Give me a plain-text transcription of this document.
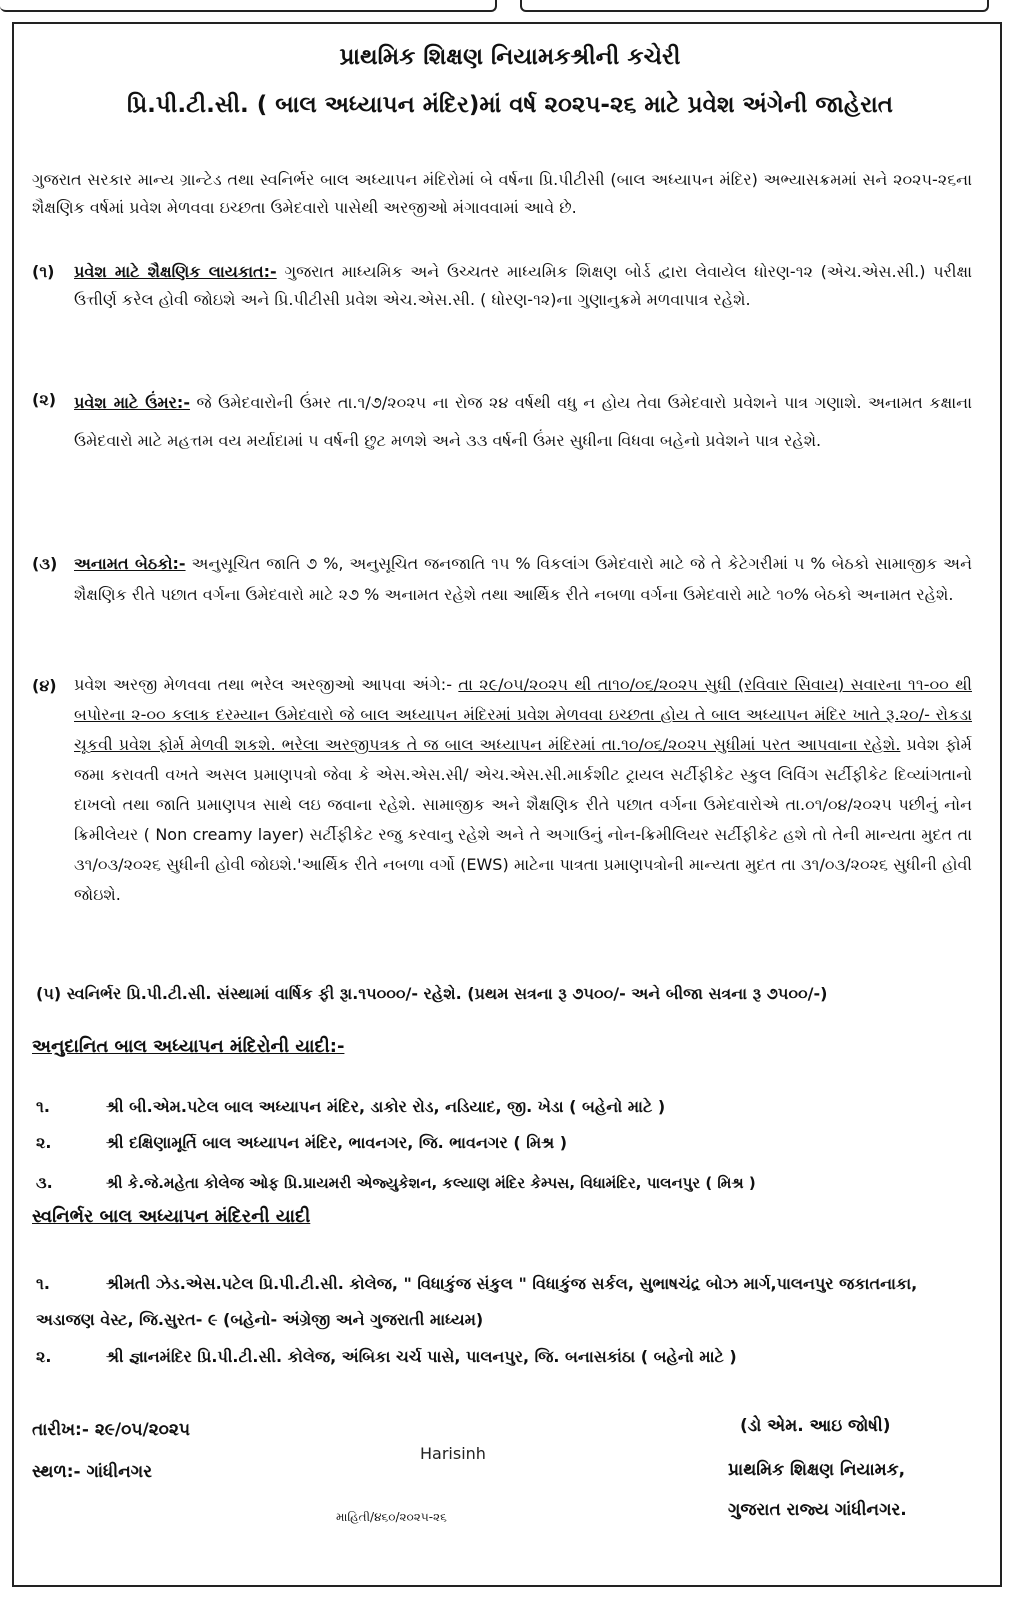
પ્રાથમિક શિક્ષણ નિયામકશ્રીની કચેરી
પ્રિ.પી.ટી.સી. ( બાલ અધ્યાપન મંદિર)માં વર્ષ ૨૦૨૫-૨૬ માટે પ્રવેશ અંગેની જાહેરાત
ગુજરાત સરકાર માન્ય ગ્રાન્ટેડ તથા સ્વનિર્ભર બાલ અધ્યાપન મંદિરોમાં બે વર્ષના પ્રિ.પીટીસી (બાલ અધ્યાપન મંદિર) અભ્યાસક્રમમાં સને ૨૦૨૫-૨૬ના શૈક્ષણિક વર્ષમાં પ્રવેશ મેળવવા ઇચ્છતા ઉમેદવારો પાસેથી અરજીઓ મંગાવવામાં આવે છે.
(૧) પ્રવેશ માટે શૈક્ષણિક લાયકાત:- ગુજરાત માધ્યમિક અને ઉચ્ચતર માધ્યમિક શિક્ષણ બોર્ડ દ્વારા લેવાયેલ ધોરણ-૧૨ (એચ.એસ.સી.) પરીક્ષા ઉત્તીર્ણ કરેલ હોવી જોઇશે અને પ્રિ.પીટીસી પ્રવેશ એચ.એસ.સી. ( ધોરણ-૧૨)ના ગુણાનુક્રમે મળવાપાત્ર રહેશે.
(૨) પ્રવેશ માટે ઉંમર:- જે ઉમેદવારોની ઉંમર તા.૧/૭/૨૦૨૫ ના રોજ ૨૪ વર્ષથી વધુ ન હોય તેવા ઉમેદવારો પ્રવેશને પાત્ર ગણાશે. અનામત કક્ષાના ઉમેદવારો માટે મહત્તમ વય મર્યાદામાં ૫ વર્ષની છુટ મળશે અને ૩૩ વર્ષની ઉંમર સુધીના વિધવા બહેનો પ્રવેશને પાત્ર રહેશે.
(૩) અનામત બેઠકો:- અનુસૂચિત જાતિ ૭ %, અનુસૂચિત જનજાતિ ૧૫ % વિકલાંગ ઉમેદવારો માટે જે તે કેટેગરીમાં ૫ % બેઠકો સામાજીક અને શૈક્ષણિક રીતે પછાત વર્ગના ઉમેદવારો માટે ૨૭ % અનામત રહેશે તથા આર્થિક રીતે નબળા વર્ગના ઉમેદવારો માટે ૧૦% બેઠકો અનામત રહેશે.
(૪) પ્રવેશ અરજી મેળવવા તથા ભરેલ અરજીઓ આપવા અંગે:- તા ૨૯/૦૫/૨૦૨૫ થી તા૧૦/૦૬/૨૦૨૫ સુધી (રવિવાર સિવાય) સવારના ૧૧-૦૦ થી બપોરના ૨-૦૦ કલાક દરમ્યાન ઉમેદવારો જે બાલ અધ્યાપન મંદિરમાં પ્રવેશ મેળવવા ઇચ્છતા હોય તે બાલ અધ્યાપન મંદિર ખાતે રૂ.૨૦/- રોકડા ચૂકવી પ્રવેશ ફોર્મ મેળવી શકશે. ભરેલા અરજીપત્રક તે જ બાલ અધ્યાપન મંદિરમાં તા.૧૦/૦૬/૨૦૨૫ સુધીમાં પરત આપવાના રહેશે. પ્રવેશ ફોર્મ જમા કરાવતી વખતે અસલ પ્રમાણપત્રો જેવા કે એસ.એસ.સી/ એચ.એસ.સી.માર્કશીટ ટ્રાયલ સર્ટીફીકેટ સ્કુલ લિવિંગ સર્ટીફીકેટ દિવ્યાંગતાનો દાખલો તથા જાતિ પ્રમાણપત્ર સાથે લઇ જવાના રહેશે. સામાજીક અને શૈક્ષણિક રીતે પછાત વર્ગના ઉમેદવારોએ તા.૦૧/૦૪/૨૦૨૫ પછીનું નોન ક્રિમીલેયર ( Non creamy layer) સર્ટીફીકેટ રજુ કરવાનુ રહેશે અને તે અગાઉનું નોન-ક્રિમીલિયર સર્ટીફીકેટ હશે તો તેની માન્યતા મુદત તા ૩૧/૦૩/૨૦૨૬ સુધીની હોવી જોઇશે.'આર્થિક રીતે નબળા વર્ગો (EWS) માટેના પાત્રતા પ્રમાણપત્રોની માન્યતા મુદત તા ૩૧/૦૩/૨૦૨૬ સુધીની હોવી જોઇશે.
(૫) સ્વનિર્ભર પ્રિ.પી.ટી.સી. સંસ્થામાં વાર્ષિક ફી રૂા.૧૫૦૦૦/- રહેશે. (પ્રથમ સત્રના રૂ ૭૫૦૦/- અને બીજા સત્રના રૂ ૭૫૦૦/-)
અનુદાનિત બાલ અધ્યાપન મંદિરોની યાદી:-
૧.	શ્રી બી.એમ.પટેલ બાલ અધ્યાપન મંદિર, ડાકોર રોડ, નડિયાદ, જી. ખેડા ( બહેનો માટે )
૨.	શ્રી દક્ષિણામૂર્તિ બાલ અધ્યાપન મંદિર, ભાવનગર, જિ. ભાવનગર ( મિશ્ર )
૩.	શ્રી કે.જે.મહેતા કોલેજ ઓફ પ્રિ.પ્રાયમરી એજ્યુકેશન, કલ્યાણ મંદિર કેમ્પસ, વિધામંદિર, પાલનપુર ( મિશ્ર )
સ્વનિર્ભર બાલ અધ્યાપન મંદિરની યાદી
૧.	શ્રીમતી ઝેડ.એસ.પટેલ પ્રિ.પી.ટી.સી. કોલેજ, " વિધાકુંજ સંકુલ " વિધાકુંજ સર્કલ, સુભાષચંદ્ર બોઝ માર્ગ,પાલનપુર જકાતનાકા, અડાજણ વેસ્ટ, જિ.સુરત- ૯ (બહેનો- અંગ્રેજી અને ગુજરાતી માધ્યમ)
૨.	શ્રી જ્ઞાનમંદિર પ્રિ.પી.ટી.સી. કોલેજ, અંબિકા ચર્ચ પાસે, પાલનપુર, જિ. બનાસકાંઠા ( બહેનો માટે )
તારીખ:- ૨૯/૦૫/૨૦૨૫
સ્થળ:- ગાંધીનગર
Harisinh
(ડો એમ. આઇ જોષી)
પ્રાથમિક શિક્ષણ નિયામક,
ગુજરાત રાજ્ય ગાંધીનગર.
માહિતી/૪૬૦/૨૦૨૫-૨૬
